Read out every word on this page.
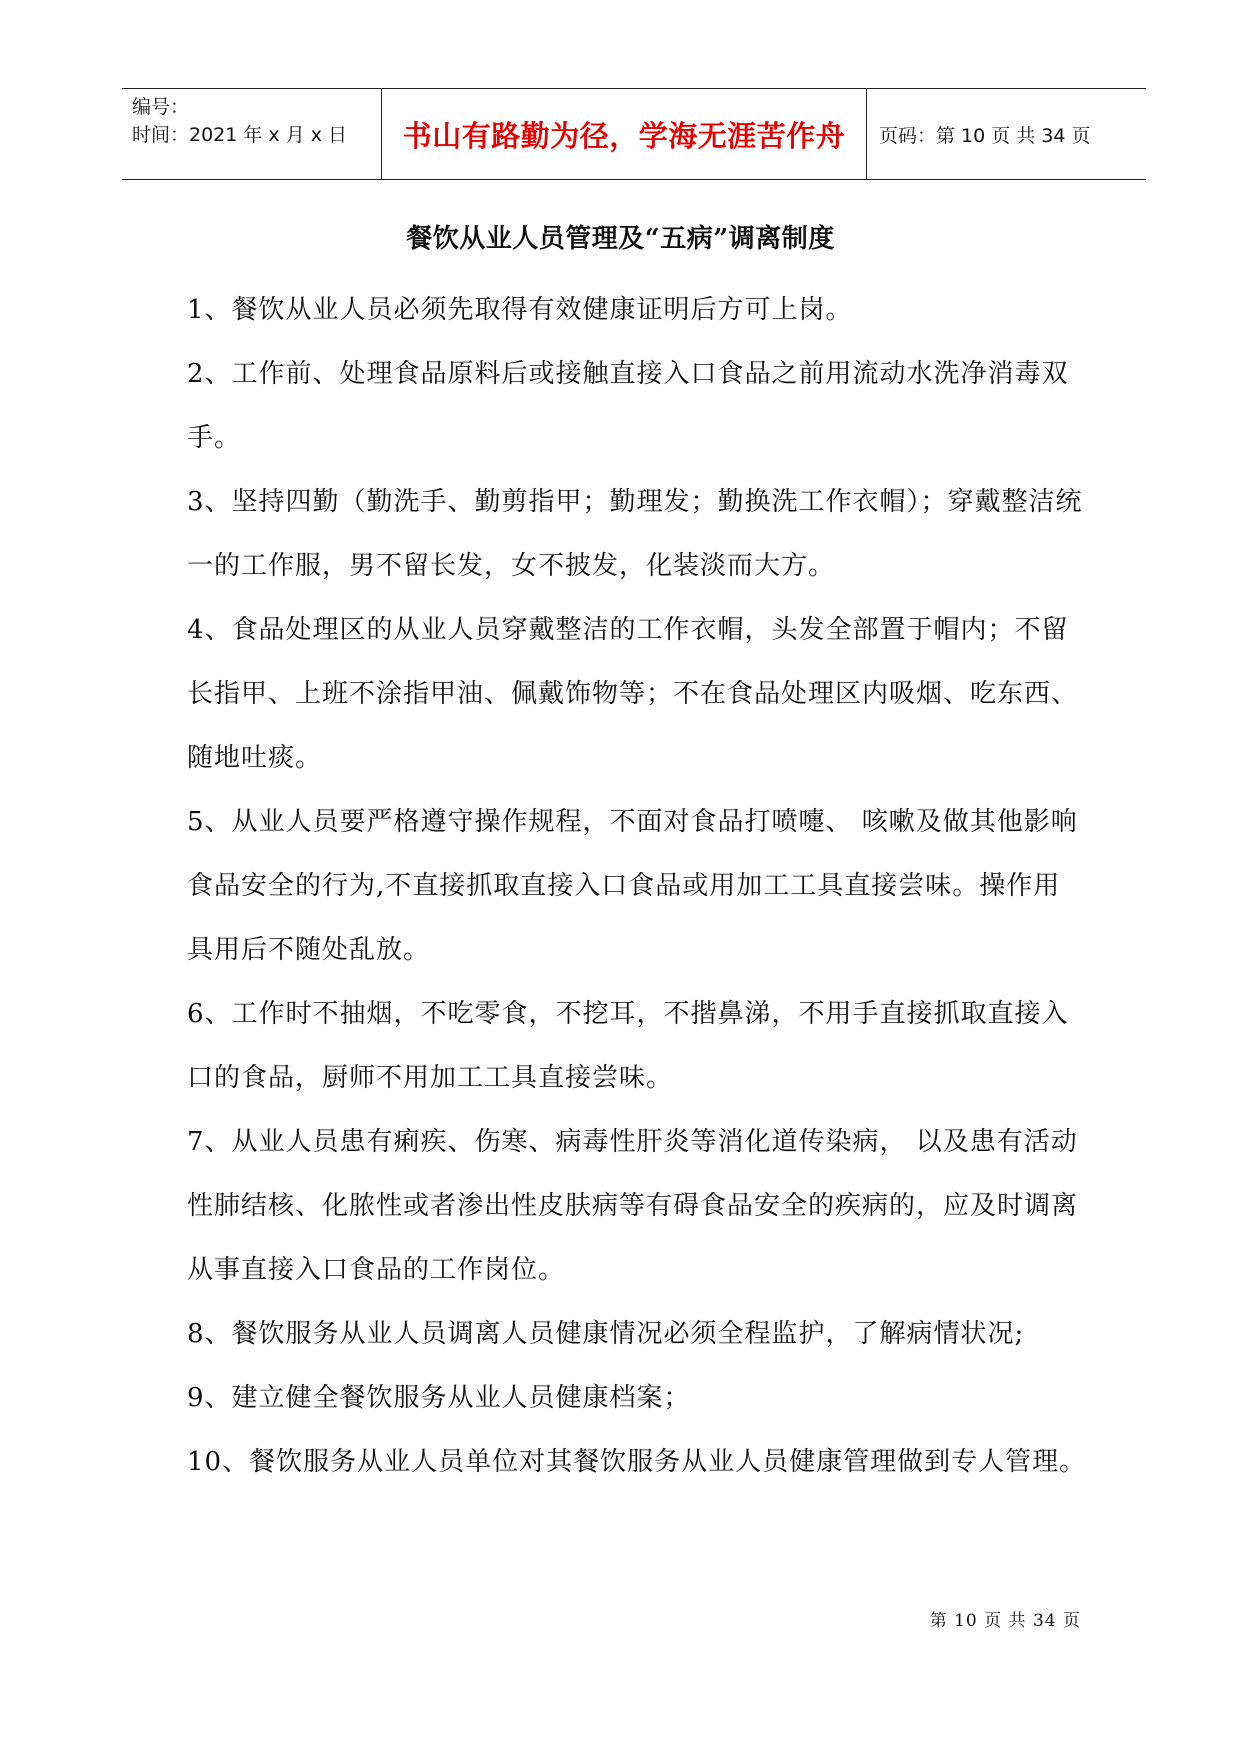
编号：
时间：2021 年 x 月 x 日	书山有路勤为径，学海无涯苦作舟	页码：第 10 页 共 34 页
餐饮从业人员管理及“五病”调离制度

1、餐饮从业人员必须先取得有效健康证明后方可上岗。

2、工作前、处理食品原料后或接触直接入口食品之前用流动水洗净消毒双手。

3、坚持四勤（勤洗手、勤剪指甲；勤理发；勤换洗工作衣帽）；穿戴整洁统一的工作服，男不留长发，女不披发，化装淡而大方。

4、食品处理区的从业人员穿戴整洁的工作衣帽，头发全部置于帽内；不留长指甲、上班不涂指甲油、佩戴饰物等；不在食品处理区内吸烟、吃东西、随地吐痰。

5、从业人员要严格遵守操作规程，不面对食品打喷嚏、 咳嗽及做其他影响食品安全的行为,不直接抓取直接入口食品或用加工工具直接尝味。操作用具用后不随处乱放。

6、工作时不抽烟，不吃零食，不挖耳，不揩鼻涕，不用手直接抓取直接入口的食品，厨师不用加工工具直接尝味。

7、从业人员患有痢疾、伤寒、病毒性肝炎等消化道传染病， 以及患有活动性肺结核、化脓性或者渗出性皮肤病等有碍食品安全的疾病的，应及时调离从事直接入口食品的工作岗位。

8、餐饮服务从业人员调离人员健康情况必须全程监护，了解病情状况;

9、建立健全餐饮服务从业人员健康档案；

10、餐饮服务从业人员单位对其餐饮服务从业人员健康管理做到专人管理。

第 10 页 共 34 页
